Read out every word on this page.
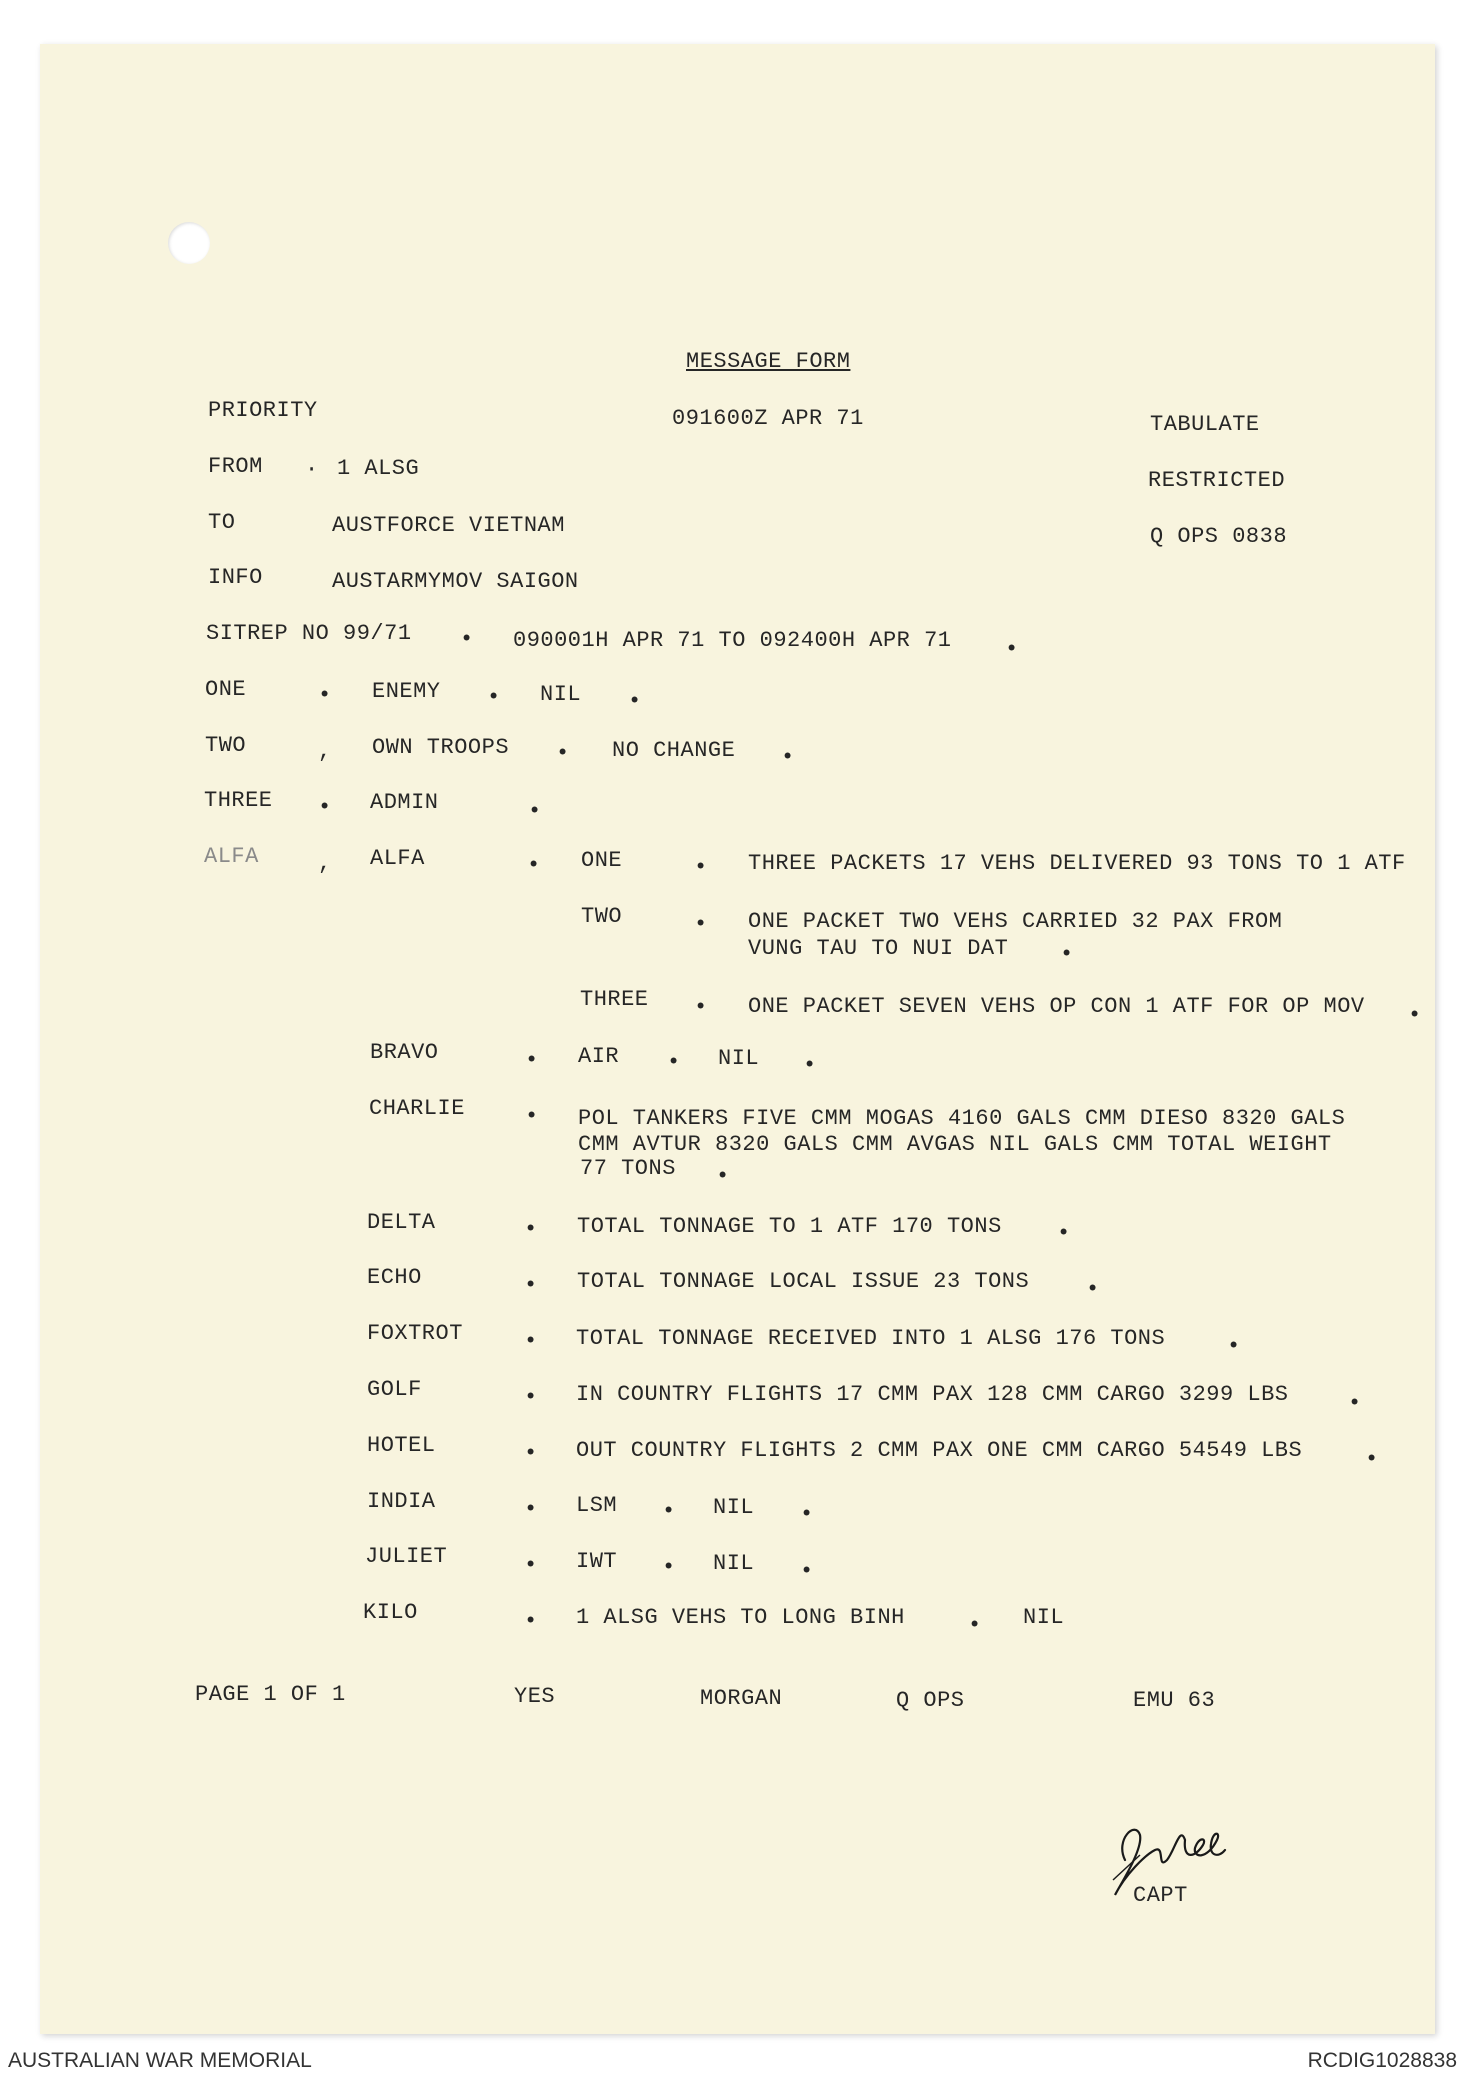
MESSAGE FORM
PRIORITY	091600Z APR 71	TABULATE
RESTRICTED
Q OPS 0838
FROM · 1 ALSG
TO	AUSTFORCE VIETNAM
INFO	AUSTARMYMOV SAIGON
SITREP NO 99/71 • 090001H APR 71 TO 092400H APR 71 •
ONE	• ENEMY • NIL •
TWO	, OWN TROOPS • NO CHANGE •
THREE • ADMIN	•
ALFA	, ALFA	• ONE	• THREE PACKETS 17 VEHS DELIVERED 93 TONS TO 1 ATF
TWO	• ONE PACKET TWO VEHS CARRIED 32 PAX FROM
VUNG TAU TO NUI DAT •
THREE • ONE PACKET SEVEN VEHS OP CON 1 ATF FOR OP MOV •
BRAVO	• AIR • NIL •
CHARLIE	• POL TANKERS FIVE CMM MOGAS 4160 GALS CMM DIESO 8320 GALS
CMM AVTUR 8320 GALS CMM AVGAS NIL GALS CMM TOTAL WEIGHT
77 TONS •
DELTA	• TOTAL TONNAGE TO 1 ATF 170 TONS	•
ECHO	• TOTAL TONNAGE LOCAL ISSUE 23 TONS	•
FOXTROT	• TOTAL TONNAGE RECEIVED INTO 1 ALSG 176 TONS	•
GOLF	• IN COUNTRY FLIGHTS 17 CMM PAX 128 CMM CARGO 3299 LBS	•
HOTEL	• OUT COUNTRY FLIGHTS 2 CMM PAX ONE CMM CARGO 54549 LBS	•
INDIA	• LSM • NIL •
JULIET	• IWT • NIL •
KILO	• 1 ALSG VEHS TO LONG BINH	• NIL
PAGE 1 OF 1	YES	MORGAN	Q OPS	EMU 63
CAPT
AUSTRALIAN WAR MEMORIAL	RCDIG1028838
